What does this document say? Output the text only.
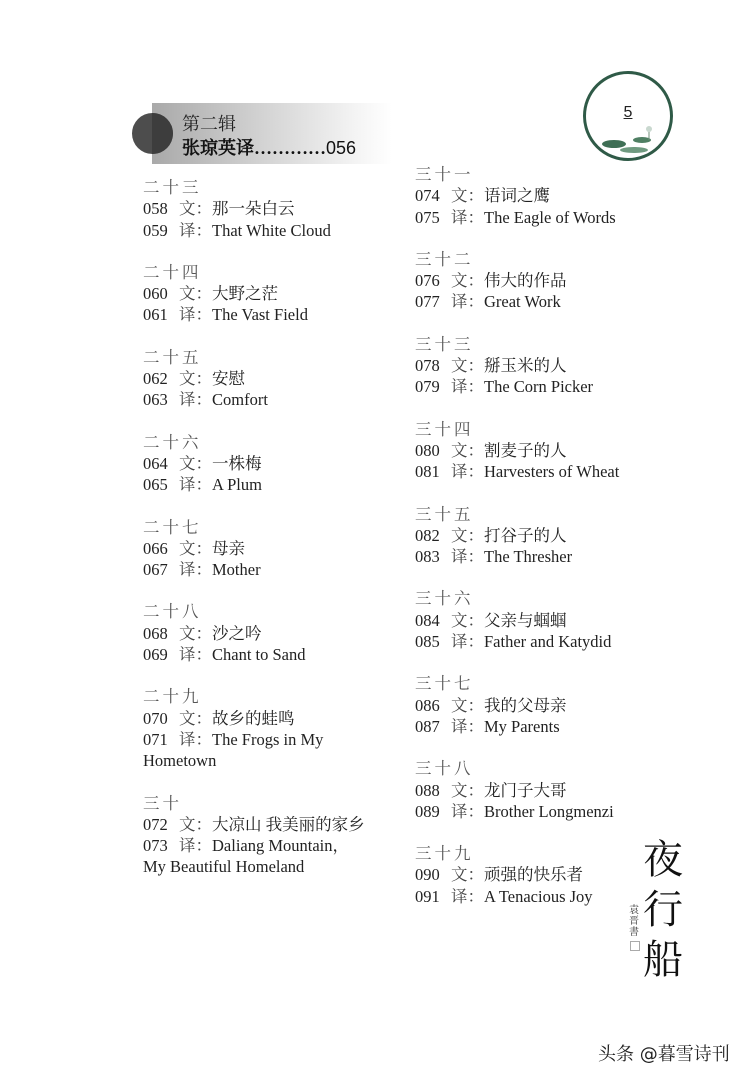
第二辑
张琼英译…………056
5
二十三
058 文：那一朵白云
059 译：That White Cloud
二十四
060 文：大野之茫
061 译：The Vast Field
二十五
062 文：安慰
063 译：Comfort
二十六
064 文：一株梅
065 译：A Plum
二十七
066 文：母亲
067 译：Mother
二十八
068 文：沙之吟
069 译：Chant to Sand
二十九
070 文：故乡的蛙鸣
071 译：The Frogs in My
Hometown
三十
072 文：大凉山 我美丽的家乡
073 译：Daliang Mountain，
My Beautiful Homeland
三十一
074 文：语词之鹰
075 译：The Eagle of Words
三十二
076 文：伟大的作品
077 译：Great Work
三十三
078 文：掰玉米的人
079 译：The Corn Picker
三十四
080 文：割麦子的人
081 译：Harvesters of Wheat
三十五
082 文：打谷子的人
083 译：The Thresher
三十六
084 文：父亲与蝈蝈
085 译：Father and Katydid
三十七
086 文：我的父母亲
087 译：My Parents
三十八
088 文：龙门子大哥
089 译：Brother Longmenzi
三十九
090 文：顽强的快乐者
091 译：A Tenacious Joy
夜行船
袁晋書
头条 @暮雪诗刊
